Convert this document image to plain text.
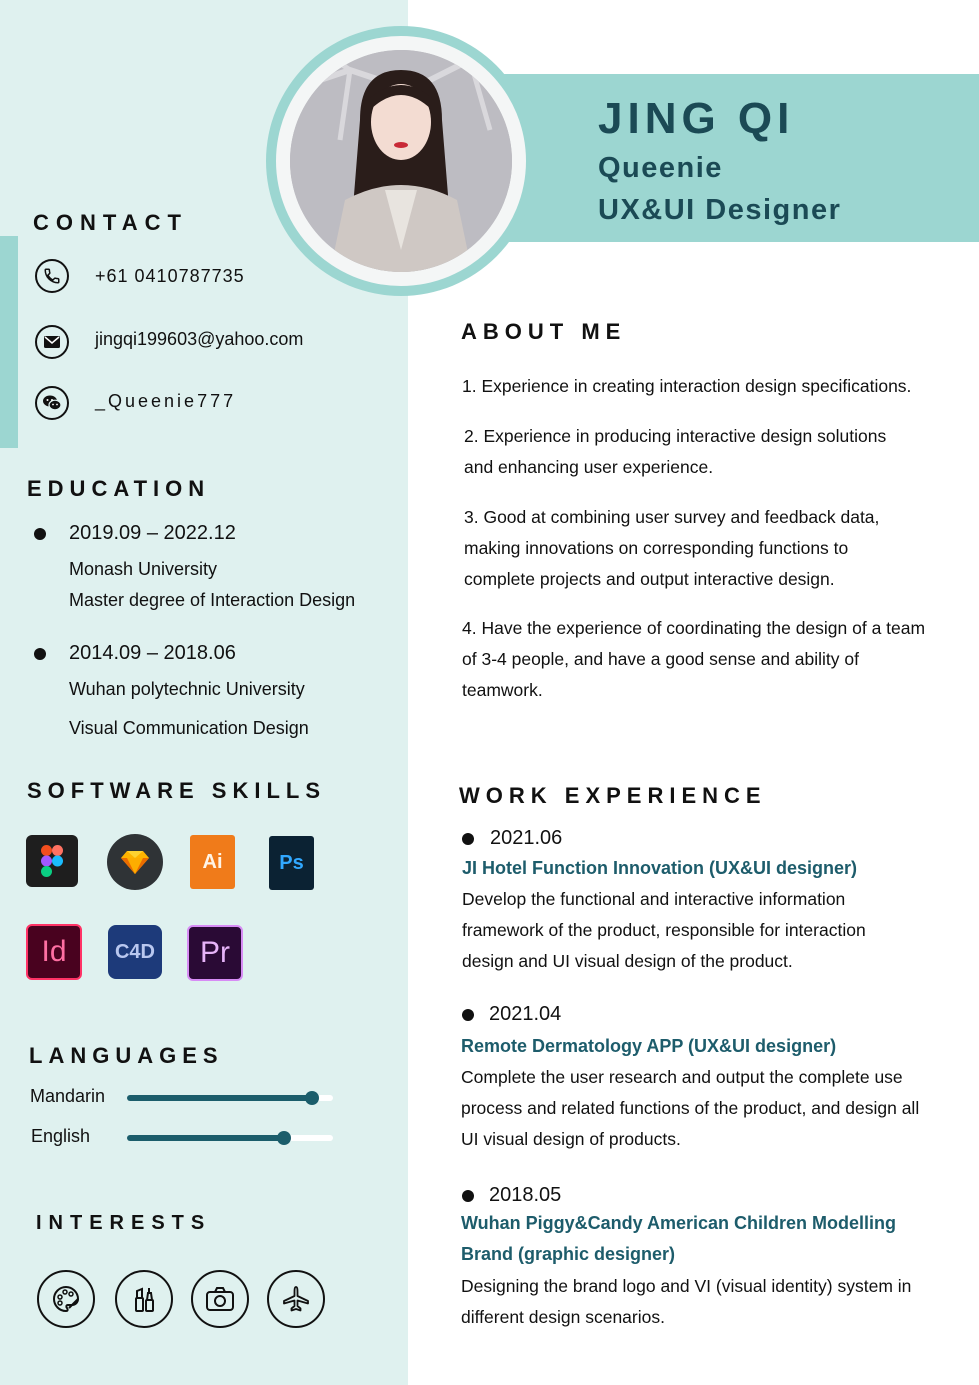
JING QI
Queenie
UX&UI Designer
CONTACT
+61 0410787735
jingqi199603@yahoo.com
_Queenie777
EDUCATION
2019.09 – 2022.12
Monash University
Master degree of Interaction Design
2014.09 – 2018.06
Wuhan polytechnic University
Visual Communication Design
SOFTWARE SKILLS
Ai	Ps
Id C4D Pr
LANGUAGES
Mandarin
English
INTERESTS
ABOUT ME
1. Experience in creating interaction design specifications.
2. Experience in producing interactive design solutions and enhancing user experience.
3. Good at combining user survey and feedback data, making innovations on corresponding functions to complete projects and output interactive design.
4. Have the experience of coordinating the design of a team of 3-4 people, and have a good sense and ability of teamwork.
WORK EXPERIENCE
2021.06
JI Hotel Function Innovation (UX&UI designer)
Develop the functional and interactive information framework of the product, responsible for interaction design and UI visual design of the product.
2021.04
Remote Dermatology APP (UX&UI designer)
Complete the user research and output the complete use process and related functions of the product, and design all UI visual design of products.
2018.05
Wuhan Piggy&Candy American Children Modelling Brand (graphic designer)
Designing the brand logo and VI (visual identity) system in different design scenarios.
